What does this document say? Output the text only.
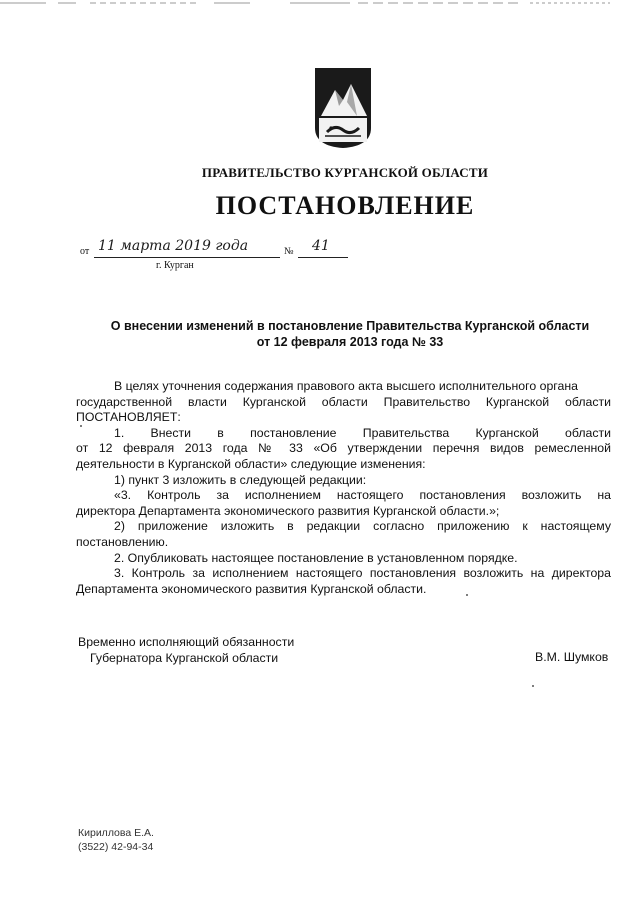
ПРАВИТЕЛЬСТВО КУРГАНСКОЙ ОБЛАСТИ
ПОСТАНОВЛЕНИЕ
от 11 марта 2019 года	№ 41
г. Курган
О внесении изменений в постановление Правительства Курганской области
от 12 февраля 2013 года № 33

В целях уточнения содержания правового акта высшего исполнительного органа

государственной власти Курганской области Правительство Курганской области

ПОСТАНОВЛЯЕТ:

1. Внести в постановление Правительства Курганской области

от 12 февраля 2013 года № 33 «Об утверждении перечня видов ремесленной

деятельности в Курганской области» следующие изменения:

1) пункт 3 изложить в следующей редакции:

«3. Контроль за исполнением настоящего постановления возложить на

директора Департамента экономического развития Курганской области.»;

2) приложение изложить в редакции согласно приложению к настоящему

постановлению.

2. Опубликовать настоящее постановление в установленном порядке.

3. Контроль за исполнением настоящего постановления возложить на директора

Департамента экономического развития Курганской области.

Временно исполняющий обязанности
Губернатора Курганской области	В.М. Шумков
Кириллова Е.А.
(3522) 42-94-34
